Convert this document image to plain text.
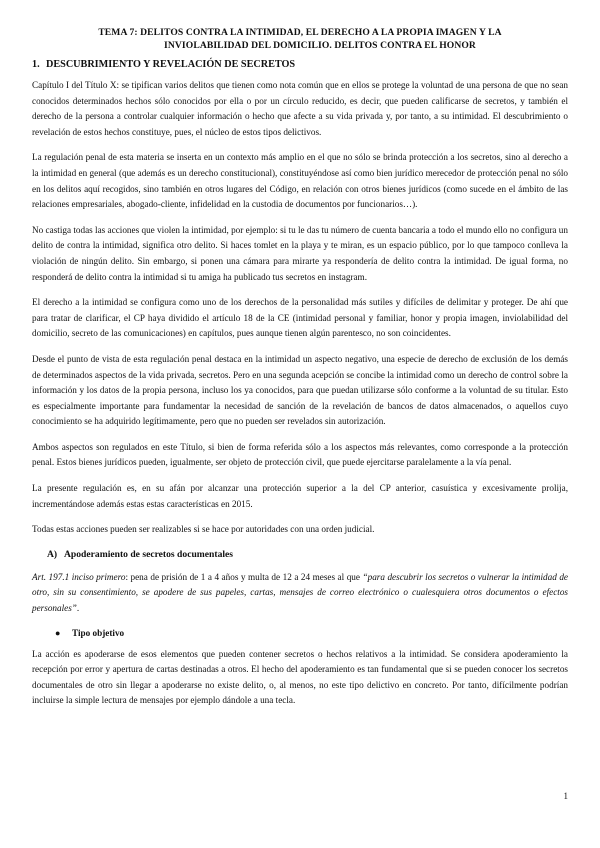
TEMA 7: DELITOS CONTRA LA INTIMIDAD, EL DERECHO A LA PROPIA IMAGEN Y LA
INVIOLABILIDAD DEL DOMICILIO. DELITOS CONTRA EL HONOR
1. DESCUBRIMIENTO Y REVELACIÓN DE SECRETOS

Capítulo I del Título X: se tipifican varios delitos que tienen como nota común que en ellos se protege la voluntad de una persona de que no sean conocidos determinados hechos sólo conocidos por ella o por un círculo reducido, es decir, que pueden calificarse de secretos, y también el derecho de la persona a controlar cualquier información o hecho que afecte a su vida privada y, por tanto, a su intimidad. El descubrimiento o revelación de estos hechos constituye, pues, el núcleo de estos tipos delictivos.

La regulación penal de esta materia se inserta en un contexto más amplio en el que no sólo se brinda protección a los secretos, sino al derecho a la intimidad en general (que además es un derecho constitucional), constituyéndose así como bien jurídico merecedor de protección penal no sólo en los delitos aquí recogidos, sino también en otros lugares del Código, en relación con otros bienes jurídicos (como sucede en el ámbito de las relaciones empresariales, abogado-cliente, infidelidad en la custodia de documentos por funcionarios…).

No castiga todas las acciones que violen la intimidad, por ejemplo: si tu le das tu número de cuenta bancaria a todo el mundo ello no configura un delito de contra la intimidad, significa otro delito. Si haces tomlet en la playa y te miran, es un espacio público, por lo que tampoco conlleva la violación de ningún delito. Sin embargo, si ponen una cámara para mirarte ya respondería de delito contra la intimidad. De igual forma, no responderá de delito contra la intimidad si tu amiga ha publicado tus secretos en instagram.

El derecho a la intimidad se configura como uno de los derechos de la personalidad más sutiles y difíciles de delimitar y proteger. De ahí que para tratar de clarificar, el CP haya dividido el artículo 18 de la CE (intimidad personal y familiar, honor y propia imagen, inviolabilidad del domicilio, secreto de las comunicaciones) en capítulos, pues aunque tienen algún parentesco, no son coincidentes.

Desde el punto de vista de esta regulación penal destaca en la intimidad un aspecto negativo, una especie de derecho de exclusión de los demás de determinados aspectos de la vida privada, secretos. Pero en una segunda acepción se concibe la intimidad como un derecho de control sobre la información y los datos de la propia persona, incluso los ya conocidos, para que puedan utilizarse sólo conforme a la voluntad de su titular. Esto es especialmente importante para fundamentar la necesidad de sanción de la revelación de bancos de datos almacenados, o aquellos cuyo conocimiento se ha adquirido legítimamente, pero que no pueden ser revelados sin autorización.

Ambos aspectos son regulados en este Título, si bien de forma referida sólo a los aspectos más relevantes, como corresponde a la protección penal. Estos bienes jurídicos pueden, igualmente, ser objeto de protección civil, que puede ejercitarse paralelamente a la vía penal.

La presente regulación es, en su afán por alcanzar una protección superior a la del CP anterior, casuística y excesivamente prolija, incrementándose además estas estas características en 2015.

Todas estas acciones pueden ser realizables si se hace por autoridades con una orden judicial.

A) Apoderamiento de secretos documentales

Art. 197.1 inciso primero: pena de prisión de 1 a 4 años y multa de 12 a 24 meses al que “para descubrir los secretos o vulnerar la intimidad de otro, sin su consentimiento, se apodere de sus papeles, cartas, mensajes de correo electrónico o cualesquiera otros documentos o efectos personales”.

● Tipo objetivo

La acción es apoderarse de esos elementos que pueden contener secretos o hechos relativos a la intimidad. Se considera apoderamiento la recepción por error y apertura de cartas destinadas a otros. El hecho del apoderamiento es tan fundamental que si se pueden conocer los secretos documentales de otro sin llegar a apoderarse no existe delito, o, al menos, no este tipo delictivo en concreto. Por tanto, difícilmente podrían incluirse la simple lectura de mensajes por ejemplo dándole a una tecla.

1
